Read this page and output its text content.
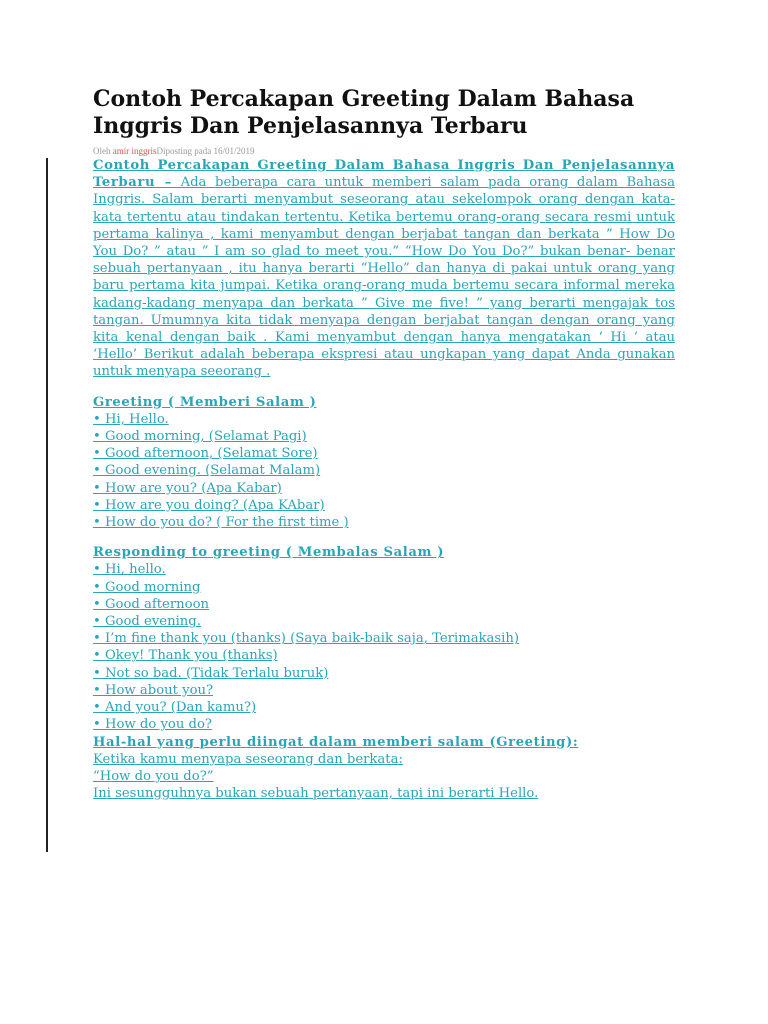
Contoh Percakapan Greeting Dalam Bahasa Inggris Dan Penjelasannya Terbaru
Oleh amir inggrisDiposting pada 16/01/2019

Contoh Percakapan Greeting Dalam Bahasa Inggris Dan Penjelasannya Terbaru – Ada beberapa cara untuk memberi salam pada orang dalam Bahasa Inggris. Salam berarti menyambut seseorang atau sekelompok orang dengan kata-kata tertentu atau tindakan tertentu. Ketika bertemu orang-orang secara resmi untuk pertama kalinya , kami menyambut dengan berjabat tangan dan berkata ” How Do You Do? ” atau ” I am so glad to meet you.” “How Do You Do?” bukan benar- benar sebuah pertanyaan , itu hanya berarti “Hello” dan hanya di pakai untuk orang yang baru pertama kita jumpai. Ketika orang-orang muda bertemu secara informal mereka kadang-kadang menyapa dan berkata ” Give me five! ” yang berarti mengajak tos tangan. Umumnya kita tidak menyapa dengan berjabat tangan dengan orang yang kita kenal dengan baik . Kami menyambut dengan hanya mengatakan ‘ Hi ‘ atau ‘Hello’ Berikut adalah beberapa ekspresi atau ungkapan yang dapat Anda gunakan untuk menyapa seeorang .

Greeting ( Memberi Salam )

• Hi, Hello.
• Good morning, (Selamat Pagi)
• Good afternoon, (Selamat Sore)
• Good evening. (Selamat Malam)
• How are you? (Apa Kabar)
• How are you doing? (Apa KAbar)
• How do you do? ( For the first time )

Responding to greeting ( Membalas Salam )

• Hi, hello.
• Good morning
• Good afternoon
• Good evening.
• I’m fine thank you (thanks) (Saya baik-baik saja, Terimakasih)
• Okey! Thank you (thanks)
• Not so bad. (Tidak Terlalu buruk)
• How about you?
• And you? (Dan kamu?)
• How do you do?

Hal-hal yang perlu diingat dalam memberi salam (Greeting):

Ketika kamu menyapa seseorang dan berkata:

“How do you do?”

Ini sesungguhnya bukan sebuah pertanyaan, tapi ini berarti Hello.
